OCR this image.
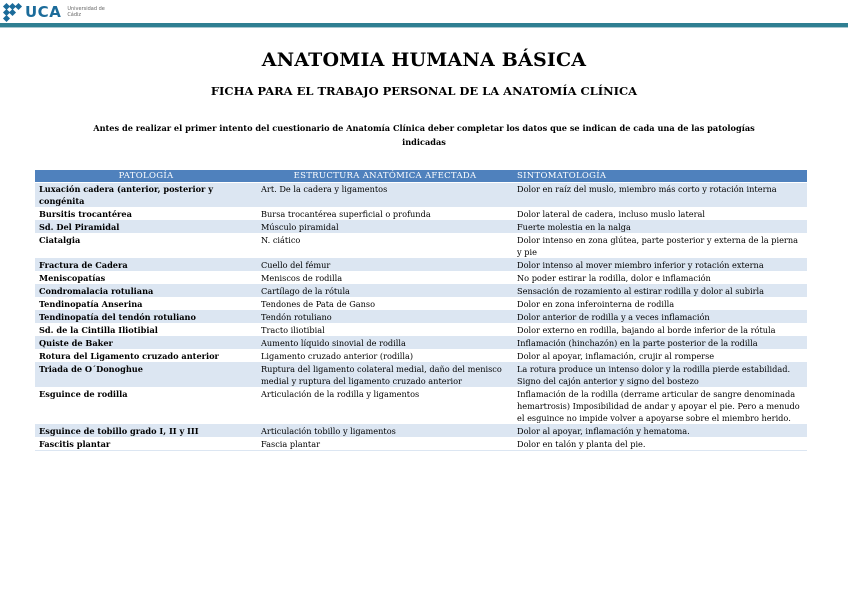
UCA Universidad de Cádiz
ANATOMIA HUMANA BÁSICA
FICHA PARA EL TRABAJO PERSONAL DE LA ANATOMÍA CLÍNICA
Antes de realizar el primer intento del cuestionario de Anatomía Clínica deber completar los datos que se indican de cada una de las patologías indicadas
PATOLOGÍA	ESTRUCTURA ANATÓMICA AFECTADA	SINTOMATOLOGÍA
Luxación cadera (anterior, posterior y congénita	Art. De la cadera y ligamentos	Dolor en raíz del muslo, miembro más corto y rotación interna
Bursitis trocantérea	Bursa trocantérea superficial o profunda	Dolor lateral de cadera, incluso muslo lateral
Sd. Del Piramidal	Músculo piramidal	Fuerte molestia en la nalga
Ciatalgia	N. ciático	Dolor intenso en zona glútea, parte posterior y externa de la pierna y pie
Fractura de Cadera	Cuello del fémur	Dolor intenso al mover miembro inferior y rotación externa
Meniscopatías	Meniscos de rodilla	No poder estirar la rodilla, dolor e inflamación
Condromalacia rotuliana	Cartílago de la rótula	Sensación de rozamiento al estirar rodilla y dolor al subirla
Tendinopatía Anserina	Tendones de Pata de Ganso	Dolor en zona inferointerna de rodilla
Tendinopatía del tendón rotuliano	Tendón rotuliano	Dolor anterior de rodilla y a veces inflamación
Sd. de la Cintilla Iliotibial	Tracto iliotibial	Dolor externo en rodilla, bajando al borde inferior de la rótula
Quiste de Baker	Aumento líquido sinovial de rodilla	Inflamación (hinchazón) en la parte posterior de la rodilla
Rotura del Ligamento cruzado anterior	Ligamento cruzado anterior (rodilla)	Dolor al apoyar, inflamación, crujir al romperse
Triada de O´Donoghue	Ruptura del ligamento colateral medial, daño del menisco medial y ruptura del ligamento cruzado anterior	La rotura produce un intenso dolor y la rodilla pierde estabilidad. Signo del cajón anterior y signo del bostezo
Esguince de rodilla	Articulación de la rodilla y ligamentos	Inflamación de la rodilla (derrame articular de sangre denominada hemartrosis) Imposibilidad de andar y apoyar el pie. Pero a menudo el esguince no impide volver a apoyarse sobre el miembro herido.
Esguince de tobillo grado I, II y III	Articulación tobillo y ligamentos	Dolor al apoyar, inflamación y hematoma.
Fascitis plantar	Fascia plantar	Dolor en talón y planta del pie.
